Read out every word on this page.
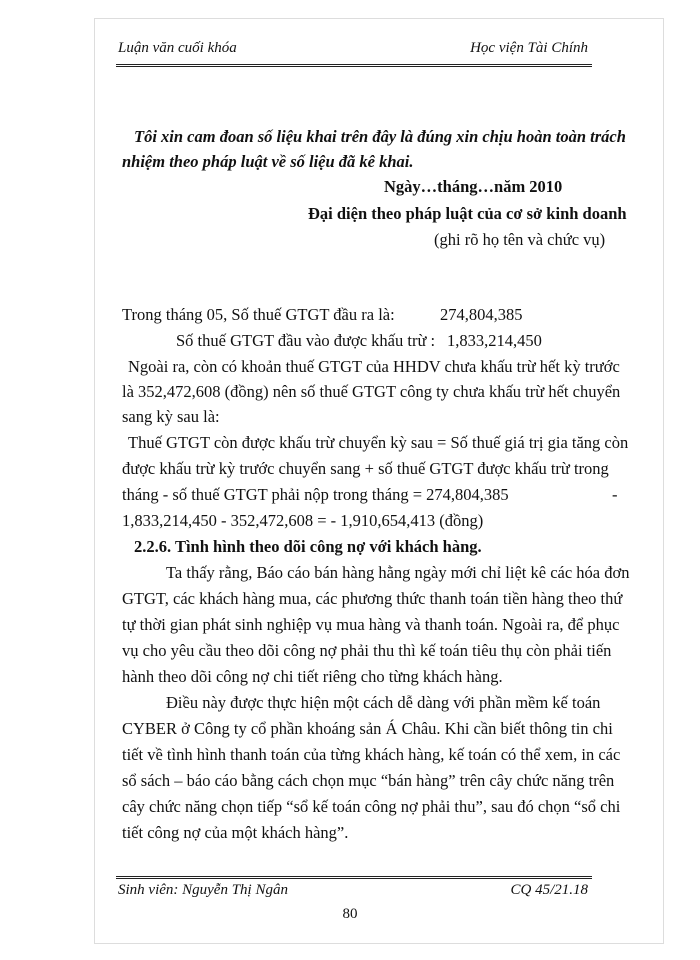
Luận văn cuối khóa	Học viện Tài Chính
Tôi xin cam đoan số liệu khai trên đây là đúng xin chịu hoàn toàn trách
nhiệm theo pháp luật về số liệu đã kê khai.
Ngày…tháng…năm 2010
Đại diện theo pháp luật của cơ sở kinh doanh
(ghi rõ họ tên và chức vụ)
Trong tháng 05, Số thuế GTGT đầu ra là:	274,804,385
Số thuế GTGT đầu vào được khấu trừ : 1,833,214,450
Ngoài ra, còn có khoản thuế GTGT của HHDV chưa khấu trừ hết kỳ trước
là 352,472,608 (đồng) nên số thuế GTGT công ty chưa khấu trừ hết chuyển
sang kỳ sau là:
Thuế GTGT còn được khấu trừ chuyển kỳ sau = Số thuế giá trị gia tăng còn
được khấu trừ kỳ trước chuyển sang + số thuế GTGT được khấu trừ trong
tháng - số thuế GTGT phải nộp trong tháng = 274,804,385	-
1,833,214,450 - 352,472,608 = - 1,910,654,413 (đồng)
2.2.6. Tình hình theo dõi công nợ với khách hàng.
Ta thấy rằng, Báo cáo bán hàng hằng ngày mới chỉ liệt kê các hóa đơn
GTGT, các khách hàng mua, các phương thức thanh toán tiền hàng theo thứ
tự thời gian phát sinh nghiệp vụ mua hàng và thanh toán. Ngoài ra, để phục
vụ cho yêu cầu theo dõi công nợ phải thu thì kế toán tiêu thụ còn phải tiến
hành theo dõi công nợ chi tiết riêng cho từng khách hàng.
Điều này được thực hiện một cách dễ dàng với phần mềm kế toán
CYBER ở Công ty cổ phần khoáng sản Á Châu. Khi cần biết thông tin chi
tiết về tình hình thanh toán của từng khách hàng, kế toán có thể xem, in các
sổ sách – báo cáo bằng cách chọn mục “bán hàng” trên cây chức năng trên
cây chức năng chọn tiếp “sổ kế toán công nợ phải thu”, sau đó chọn “sổ chi
tiết công nợ của một khách hàng”.
Sinh viên: Nguyễn Thị Ngân	CQ 45/21.18
80
